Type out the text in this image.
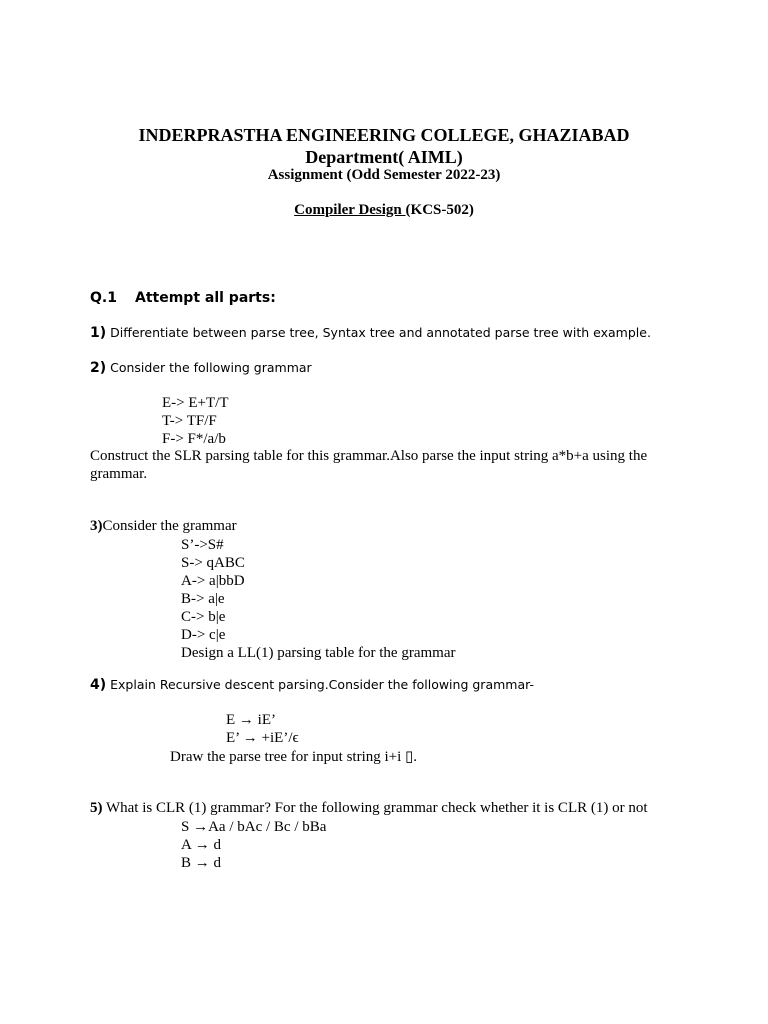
INDERPRASTHA ENGINEERING COLLEGE, GHAZIABAD
Department( AIML)
Assignment (Odd Semester 2022-23)
Compiler Design (KCS-502)
Q.1 Attempt all parts:
1) Differentiate between parse tree, Syntax tree and annotated parse tree with example.
2) Consider the following grammar
E-> E+T/T
T-> TF/F
F-> F*/a/b
Construct the SLR parsing table for this grammar.Also parse the input string a*b+a using the
grammar.
3)Consider the grammar
S’->S#
S-> qABC
A-> a|bbD
B-> a|e
C-> b|e
D-> c|e
Design a LL(1) parsing table for the grammar
4) Explain Recursive descent parsing.Consider the following grammar-
E → iE’
E’ → +iE’/ϵ
Draw the parse tree for input string i+i ▯.
5) What is CLR (1) grammar? For the following grammar check whether it is CLR (1) or not
S →Aa / bAc / Bc / bBa
A → d
B → d
